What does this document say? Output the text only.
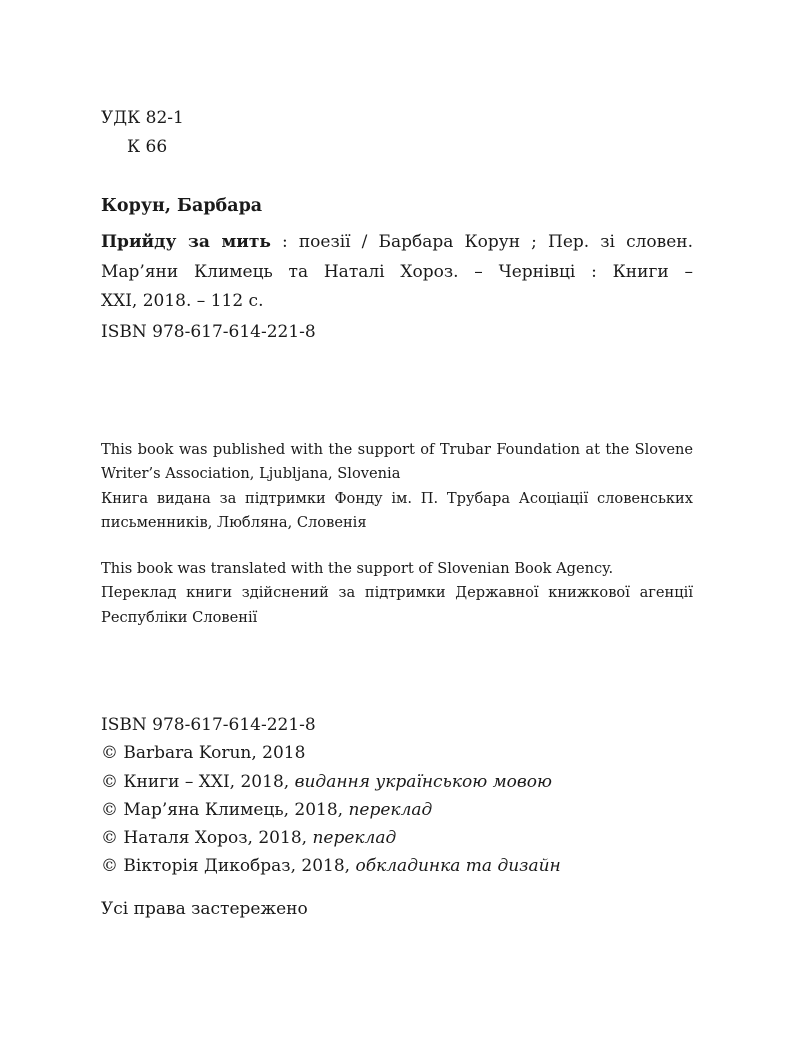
УДК 82-1
К 66
Корун, Барбара
Прийду за мить : поезії / Барбара Корун ; Пер. зі словен.
Мар’яни Климець та Наталі Хороз. – Чернівці : Книги –
XXI, 2018. – 112 с.
ISBN 978-617-614-221-8
This book was published with the support of Trubar Foundation at the Slovene
Writer’s Association, Ljubljana, Slovenia
Книга видана за підтримки Фонду ім. П. Трубара Асоціації словенських
письменників, Любляна, Словенія
This book was translated with the support of Slovenian Book Agency.
Переклад книги здійснений за підтримки Державної книжкової агенції
Республіки Словенії
ISBN 978-617-614-221-8
© Barbara Korun, 2018
© Книги – XXI, 2018, видання українською мовою
© Мар’яна Климець, 2018, переклад
© Наталя Хороз, 2018, переклад
© Вікторія Дикобраз, 2018, обкладинка та дизайн
Усі права застережено
